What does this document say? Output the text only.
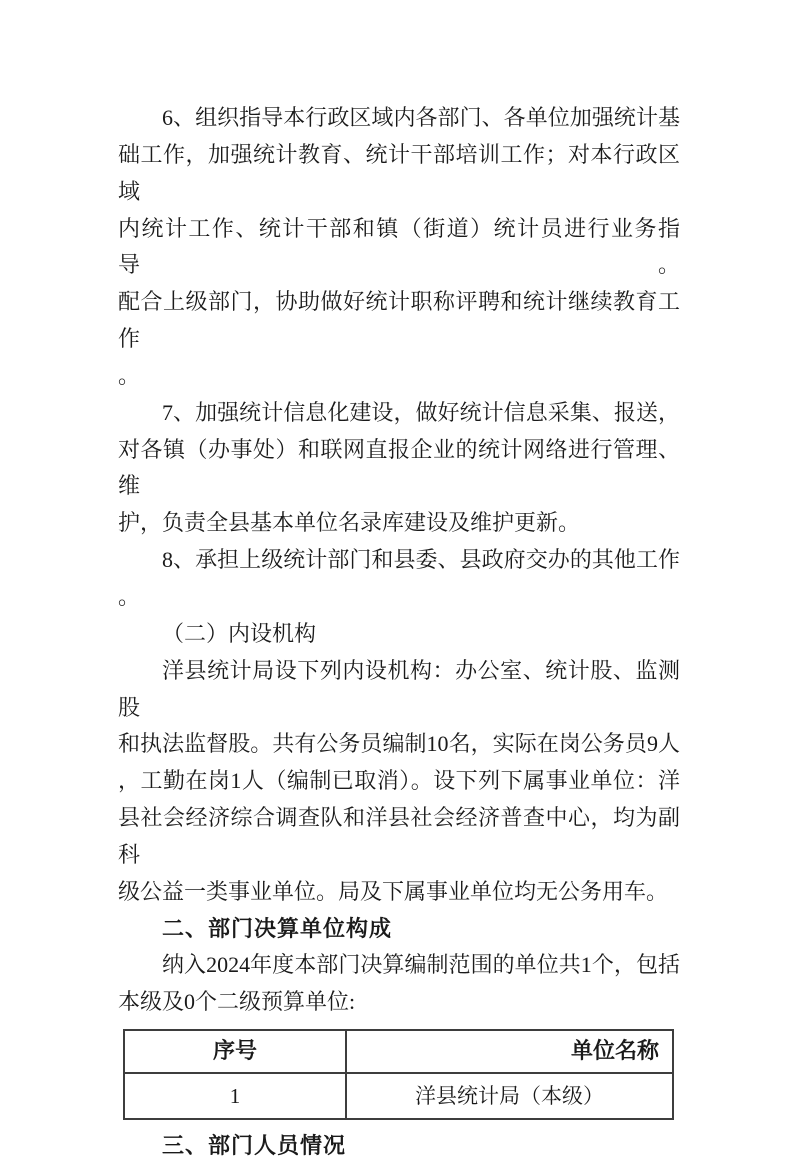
6、组织指导本行政区域内各部门、各单位加强统计基
础工作，加强统计教育、统计干部培训工作；对本行政区域
内统计工作、统计干部和镇（街道）统计员进行业务指导。
配合上级部门，协助做好统计职称评聘和统计继续教育工作
。
7、加强统计信息化建设，做好统计信息采集、报送，
对各镇（办事处）和联网直报企业的统计网络进行管理、维
护，负责全县基本单位名录库建设及维护更新。
8、承担上级统计部门和县委、县政府交办的其他工作
。
（二）内设机构
洋县统计局设下列内设机构：办公室、统计股、监测股
和执法监督股。共有公务员编制10名，实际在岗公务员9人
，工勤在岗1人（编制已取消）。设下列下属事业单位：洋
县社会经济综合调查队和洋县社会经济普查中心，均为副科
级公益一类事业单位。局及下属事业单位均无公务用车。
二、部门决算单位构成
纳入2024年度本部门决算编制范围的单位共1个，包括
本级及0个二级预算单位:
序号	单位名称
1	洋县统计局（本级）
三、部门人员情况
